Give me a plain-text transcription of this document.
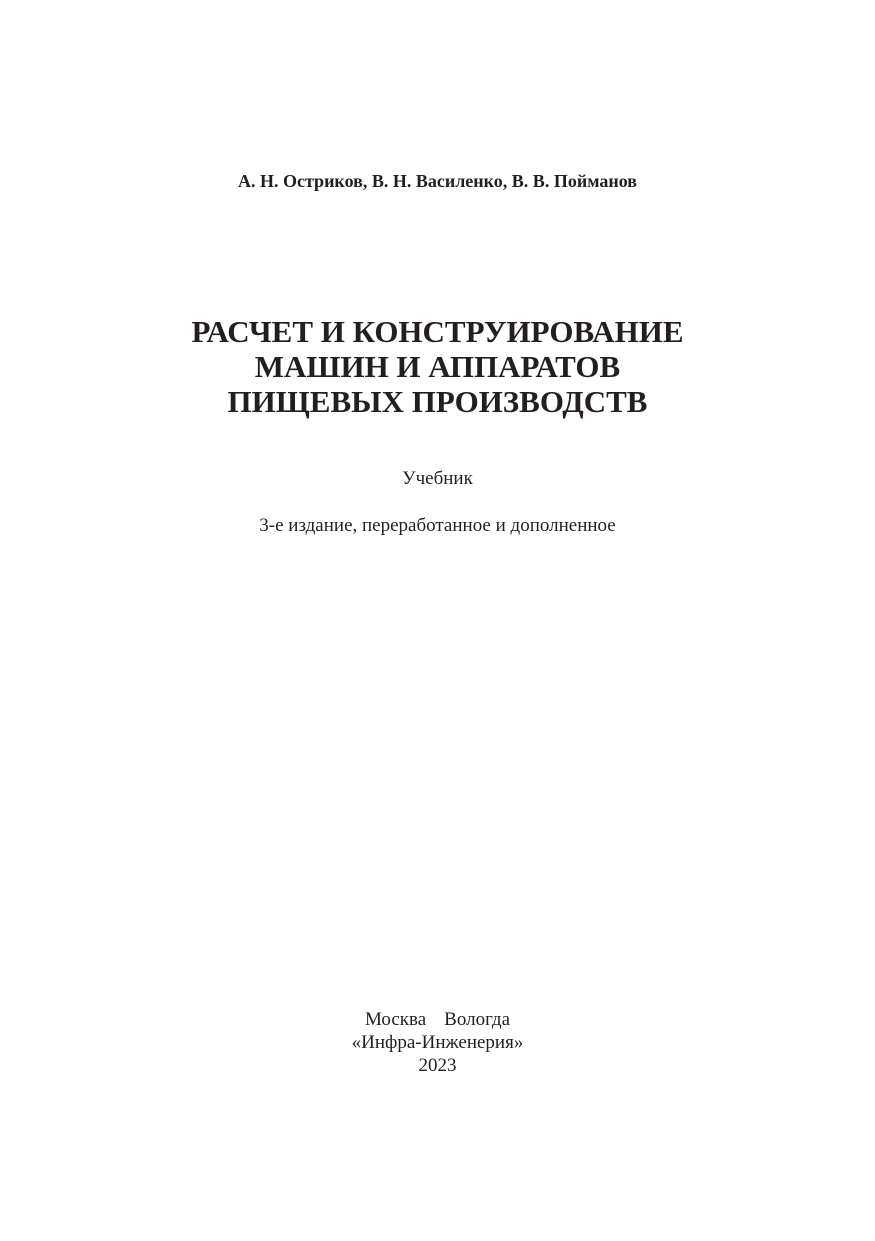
А. Н. Остриков, В. Н. Василенко, В. В. Пойманов
РАСЧЕТ И КОНСТРУИРОВАНИЕ
МАШИН И АППАРАТОВ
ПИЩЕВЫХ ПРОИЗВОДСТВ
Учебник
3-е издание, переработанное и дополненное
Москва Вологда
«Инфра-Инженерия»
2023
